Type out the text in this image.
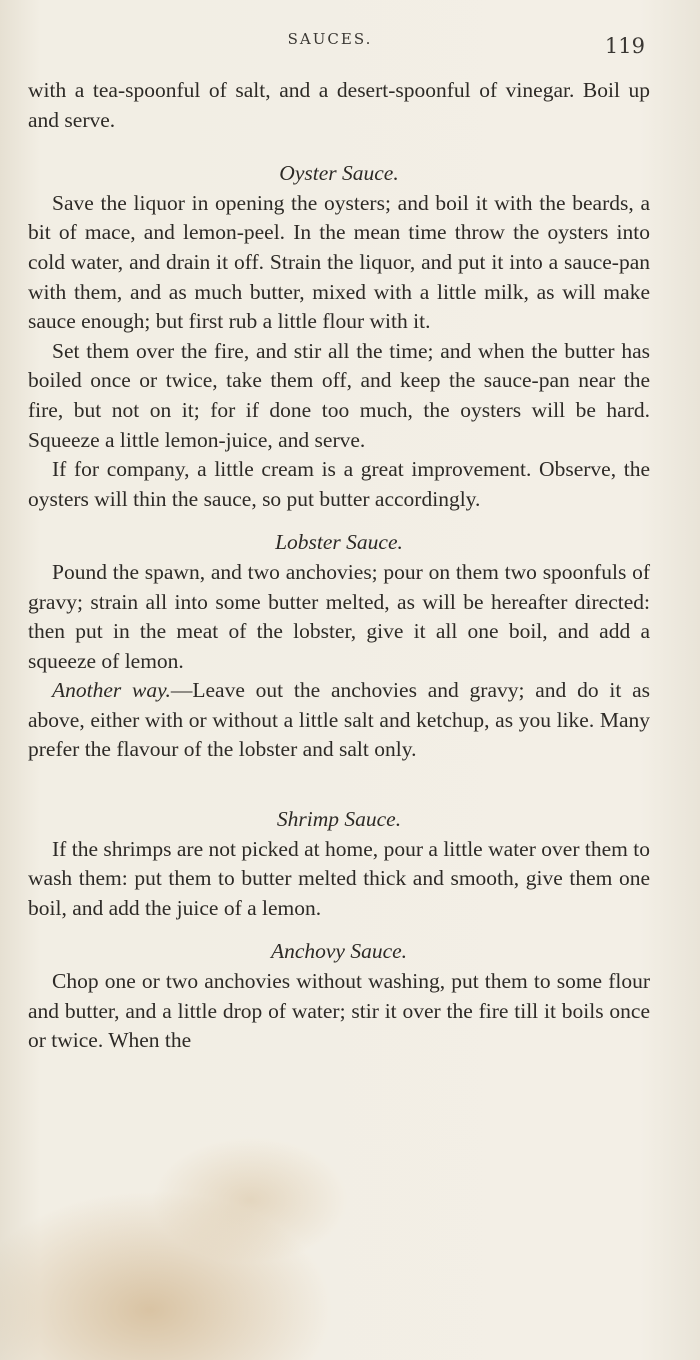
SAUCES.	119

with a tea-spoonful of salt, and a desert-spoonful of vinegar. Boil up and serve.

Oyster Sauce.

Save the liquor in opening the oysters; and boil it with the beards, a bit of mace, and lemon-peel. In the mean time throw the oysters into cold water, and drain it off. Strain the liquor, and put it into a sauce-pan with them, and as much butter, mixed with a little milk, as will make sauce enough; but first rub a little flour with it.

Set them over the fire, and stir all the time; and when the butter has boiled once or twice, take them off, and keep the sauce-pan near the fire, but not on it; for if done too much, the oysters will be hard. Squeeze a little lemon-juice, and serve.

If for company, a little cream is a great improvement. Observe, the oysters will thin the sauce, so put butter accordingly.

Lobster Sauce.

Pound the spawn, and two anchovies; pour on them two spoonfuls of gravy; strain all into some butter melted, as will be hereafter directed: then put in the meat of the lobster, give it all one boil, and add a squeeze of lemon.

Another way.—Leave out the anchovies and gravy; and do it as above, either with or without a little salt and ketchup, as you like. Many prefer the flavour of the lobster and salt only.

Shrimp Sauce.

If the shrimps are not picked at home, pour a little water over them to wash them: put them to butter melted thick and smooth, give them one boil, and add the juice of a lemon.

Anchovy Sauce.

Chop one or two anchovies without washing, put them to some flour and butter, and a little drop of water; stir it over the fire till it boils once or twice. When the
